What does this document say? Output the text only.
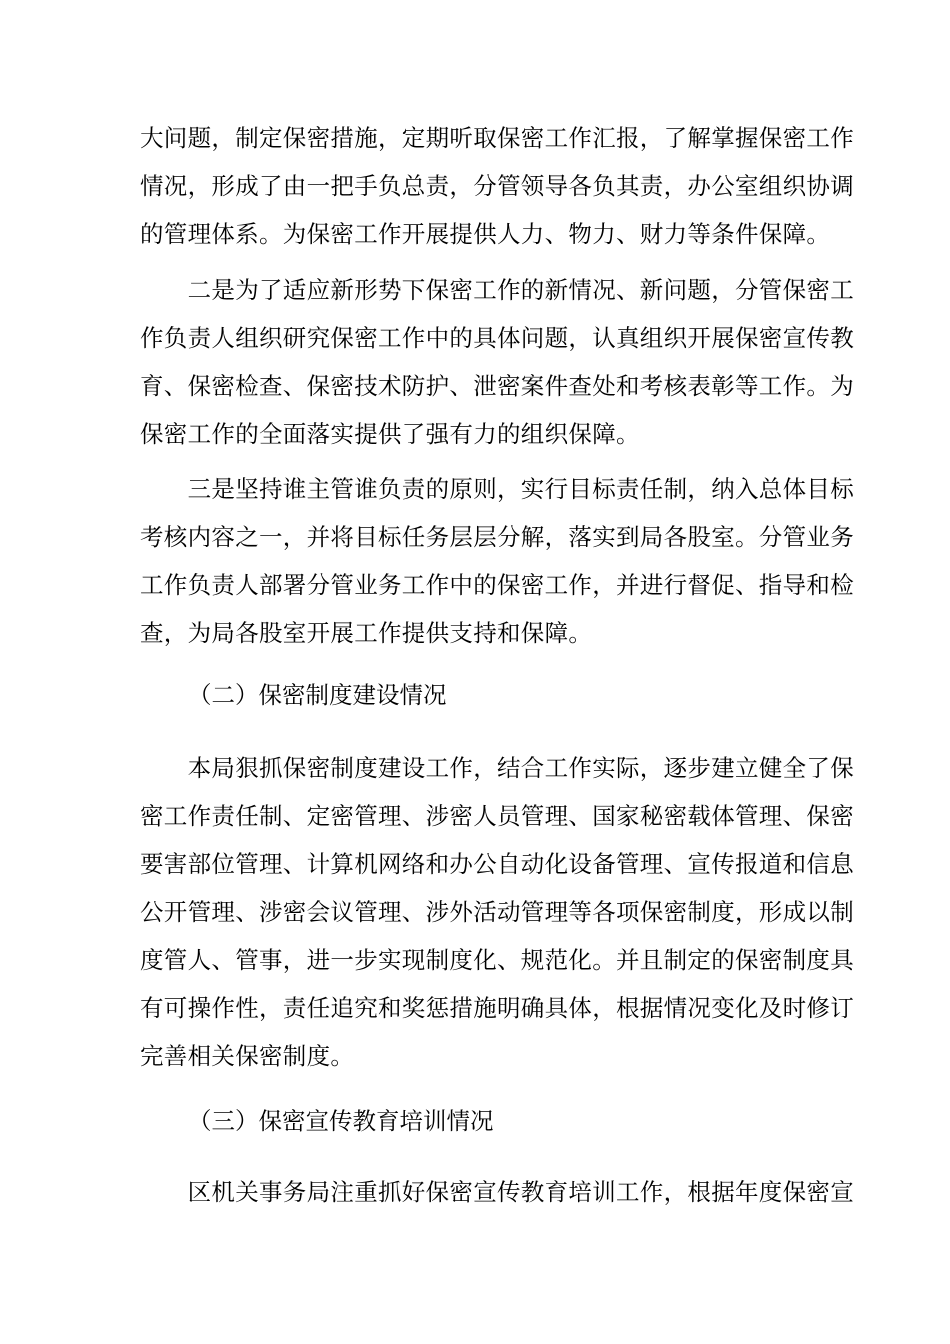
大问题，制定保密措施，定期听取保密工作汇报，了解掌握保密工作
情况，形成了由一把手负总责，分管领导各负其责，办公室组织协调
的管理体系。为保密工作开展提供人力、物力、财力等条件保障。
　　二是为了适应新形势下保密工作的新情况、新问题，分管保密工
作负责人组织研究保密工作中的具体问题，认真组织开展保密宣传教
育、保密检查、保密技术防护、泄密案件查处和考核表彰等工作。为
保密工作的全面落实提供了强有力的组织保障。
　　三是坚持谁主管谁负责的原则，实行目标责任制，纳入总体目标
考核内容之一，并将目标任务层层分解，落实到局各股室。分管业务
工作负责人部署分管业务工作中的保密工作，并进行督促、指导和检
查，为局各股室开展工作提供支持和保障。

（二）保密制度建设情况

　　本局狠抓保密制度建设工作，结合工作实际，逐步建立健全了保
密工作责任制、定密管理、涉密人员管理、国家秘密载体管理、保密
要害部位管理、计算机网络和办公自动化设备管理、宣传报道和信息
公开管理、涉密会议管理、涉外活动管理等各项保密制度，形成以制
度管人、管事，进一步实现制度化、规范化。并且制定的保密制度具
有可操作性，责任追究和奖惩措施明确具体，根据情况变化及时修订
完善相关保密制度。

（三）保密宣传教育培训情况

　　区机关事务局注重抓好保密宣传教育培训工作，根据年度保密宣
